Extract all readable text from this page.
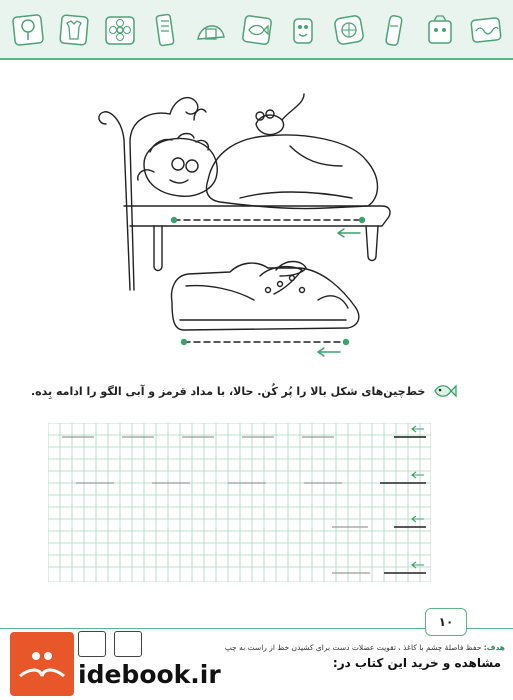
خط‌چین‌های شکل بالا را پُر کُن. حالا، با مداد قرمز و آبی الگو را ادامه بِده.
۱۰
هدف: حفظ فاصلهٔ چشم با کاغذ ، تقویت عضلات دست برای کشیدن خط از راست به چپ
idebook.ir	مشاهده و خرید این کتاب در:
